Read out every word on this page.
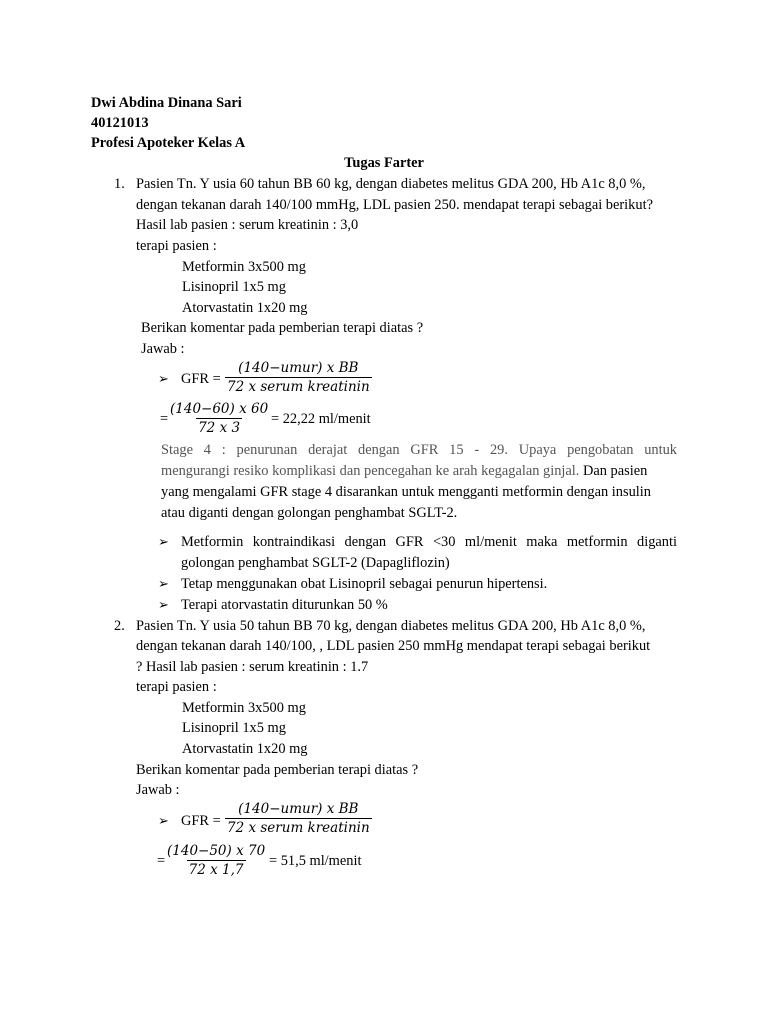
Dwi Abdina Dinana Sari
40121013
Profesi Apoteker Kelas A
Tugas Farter
1. Pasien Tn. Y usia 60 tahun BB 60 kg, dengan diabetes melitus GDA 200, Hb A1c 8,0 %,
dengan tekanan darah 140/100 mmHg, LDL pasien 250. mendapat terapi sebagai berikut?
Hasil lab pasien : serum kreatinin : 3,0
terapi pasien :
Metformin 3x500 mg
Lisinopril 1x5 mg
Atorvastatin 1x20 mg
Berikan komentar pada pemberian terapi diatas ?
Jawab :
➢ GFR =
(140−umur) x BB
72 x serum kreatinin
= $\frac{(140-60) x 60}{72 x 3} = 22,22$ ml/menit
Stage 4 : penurunan derajat dengan GFR 15 - 29. Upaya pengobatan untuk
mengurangi resiko komplikasi dan pencegahan ke arah kegagalan ginjal. Dan pasien
yang mengalami GFR stage 4 disarankan untuk mengganti metformin dengan insulin
atau diganti dengan golongan penghambat SGLT-2.
➢ Metformin kontraindikasi dengan GFR <30 ml/menit maka metformin diganti
golongan penghambat SGLT-2 (Dapagliflozin)
➢ Tetap menggunakan obat Lisinopril sebagai penurun hipertensi.
➢ Terapi atorvastatin diturunkan 50 %
2. Pasien Tn. Y usia 50 tahun BB 70 kg, dengan diabetes melitus GDA 200, Hb A1c 8,0 %,
dengan tekanan darah 140/100, , LDL pasien 250 mmHg mendapat terapi sebagai berikut
? Hasil lab pasien : serum kreatinin : 1.7
terapi pasien :
Metformin 3x500 mg
Lisinopril 1x5 mg
Atorvastatin 1x20 mg
Berikan komentar pada pemberian terapi diatas ?
Jawab :
➢ GFR =
(140−umur) x BB
72 x serum kreatinin
= $\frac{(140-50) x 70}{72 x 1,7} = 51,5$ ml/menit
